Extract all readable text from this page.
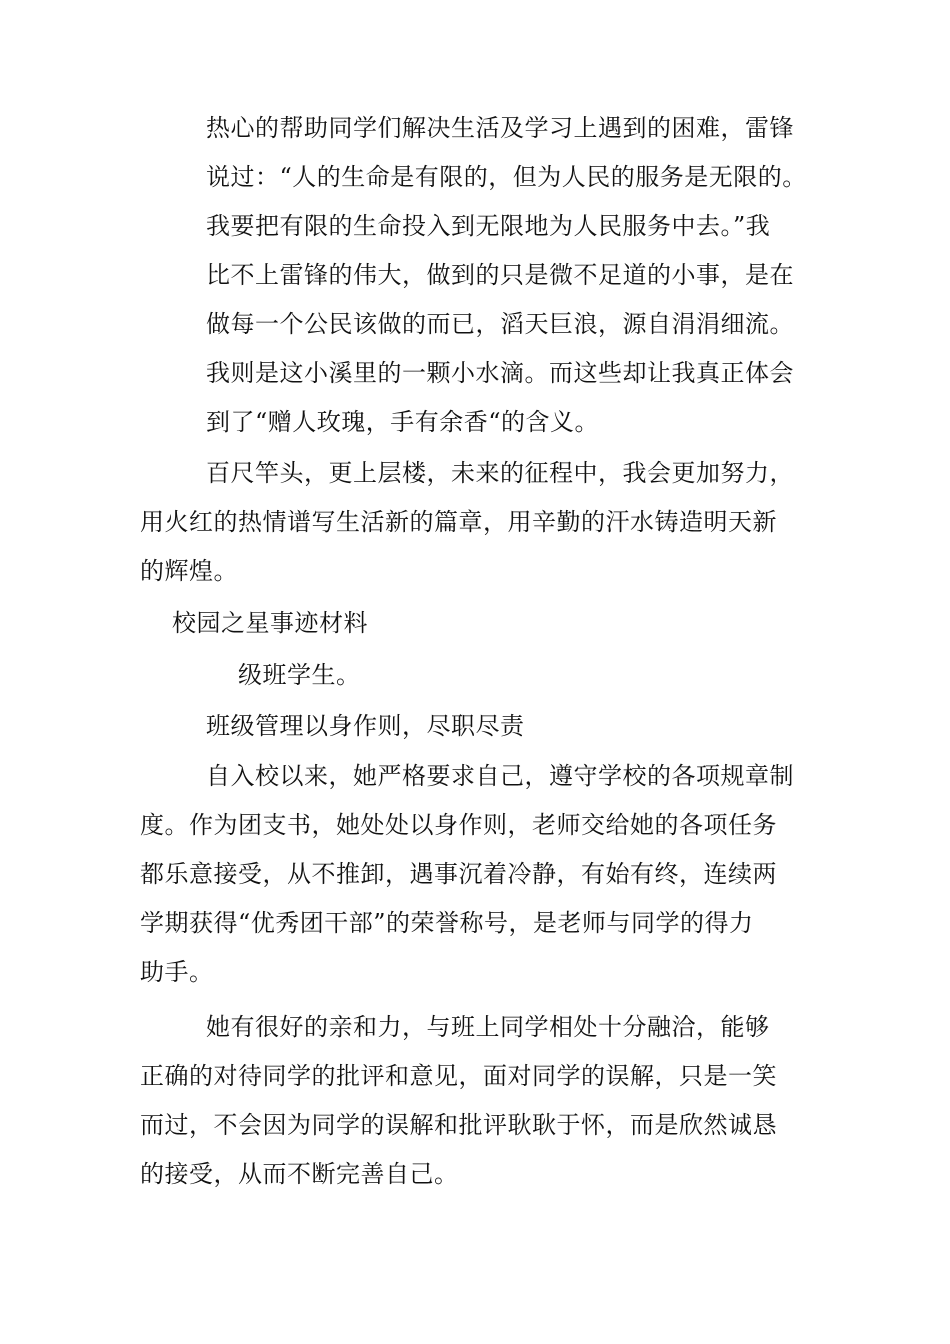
热心的帮助同学们解决生活及学习上遇到的困难，雷锋
说过：“人的生命是有限的，但为人民的服务是无限的。
我要把有限的生命投入到无限地为人民服务中去。”我
比不上雷锋的伟大，做到的只是微不足道的小事，是在
做每一个公民该做的而已，滔天巨浪，源自涓涓细流。
我则是这小溪里的一颗小水滴。而这些却让我真正体会
到了“赠人玫瑰，手有余香“的含义。
百尺竿头，更上层楼，未来的征程中，我会更加努力，
用火红的热情谱写生活新的篇章，用辛勤的汗水铸造明天新
的辉煌。
校园之星事迹材料
级班学生。
班级管理以身作则，尽职尽责
自入校以来，她严格要求自己，遵守学校的各项规章制
度。作为团支书，她处处以身作则，老师交给她的各项任务
都乐意接受，从不推卸，遇事沉着冷静，有始有终，连续两
学期获得“优秀团干部”的荣誉称号，是老师与同学的得力
助手。
她有很好的亲和力，与班上同学相处十分融洽，能够
正确的对待同学的批评和意见，面对同学的误解，只是一笑
而过，不会因为同学的误解和批评耿耿于怀，而是欣然诚恳
的接受，从而不断完善自己。
